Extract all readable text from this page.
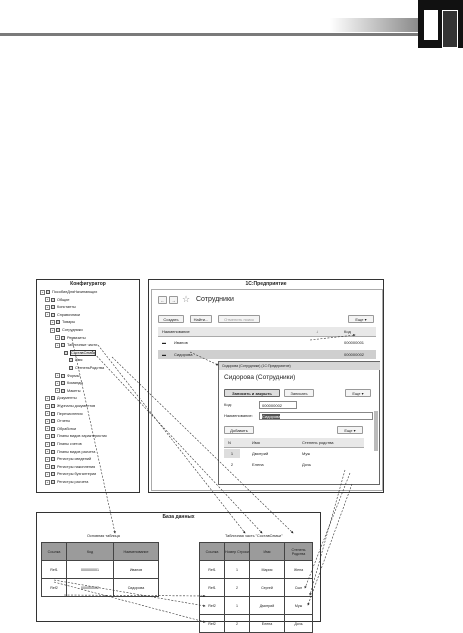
Конфигуратор
+ ПособиеДляНачинающих
+ Общие
+ Константы
+ Справочники
+ Товары
+ Сотрудники
+ Реквизиты
+ Табличные части
СоставСемьи
Имя
СтепеньРодства
+ Формы
+ Команды
+ Макеты
+ Документы
+ Журналы документов
+ Перечисления
+ Отчеты
+ Обработки
+ Планы видов характеристик
+ Планы счетов
+ Планы видов расчета
+ Регистры сведений
+ Регистры накопления
+ Регистры бухгалтерии
+ Регистры расчета
1С:Предприятие
←	→ ☆ Сотрудники
Создать	Найти...	Отменить поиск	Еще ▾
Наименование	↓	Код
▬ Иванов	000000001
▬ Сидорова	000000002
Сидорова (Сотрудники) (1С:Предприятие)
Сидорова (Сотрудники)
Записать и закрыть	Записать	Еще ▾
Код:	000000002
Наименование:	Сидорова
Добавить	Еще ▾
N	Имя	Степень родства
1	Дмитрий	Муж
2	Елена	Дочь
База данных
Основная таблица	Табличная часть "СоставСемьи"
Ссылка	Код	Наименование
Ref1	000000001	Иванов
Ref2	000000002	Сидорова
Ссылка	Номер Строки	Имя	Степень Родства
Ref1	1	Мария	Жена
Ref1	2	Сергей	Сын
Ref2	1	Дмитрий	Муж
Ref2	2	Елена	Дочь
